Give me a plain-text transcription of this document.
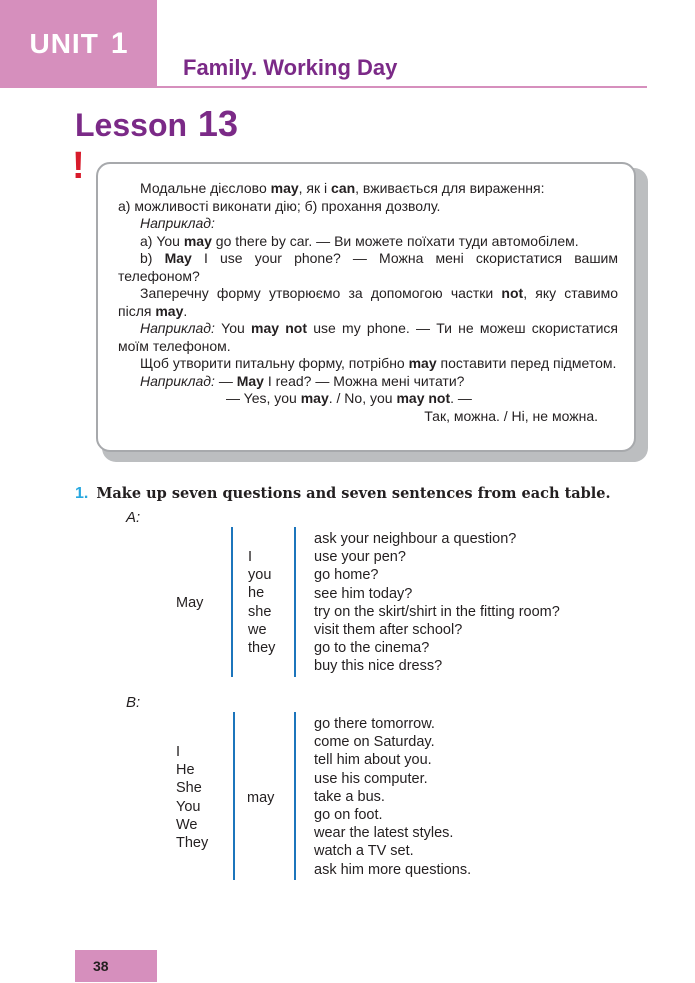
UNIT 1
Family. Working Day
Lesson 13
!

Модальне дієслово may, як і can, вживається для вираження:

а) можливості виконати дію; б) прохання дозволу.

Наприклад:

а) You may go there by car. — Ви можете поїхати туди автомобілем.

b) May I use your phone? — Можна мені скористатися вашим телефоном?

Заперечну форму утворюємо за допомогою частки not, яку ставимо після may.

Наприклад: You may not use my phone. — Ти не можеш скористатися моїм телефоном.

Щоб утворити питальну форму, потрібно may поставити перед підметом.

Наприклад: — May I read? — Можна мені читати?

— Yes, you may. / No, you may not. —

Так, можна. / Ні, не можна.

1. Make up seven questions and seven sentences from each table.
A:
May
I
you
he
she
we
they
ask your neighbour a question?
use your pen?
go home?
see him today?
try on the skirt/shirt in the fitting room?
visit them after school?
go to the cinema?
buy this nice dress?
B:
I
He
She
You
We
They
may
go there tomorrow.
come on Saturday.
tell him about you.
use his computer.
take a bus.
go on foot.
wear the latest styles.
watch a TV set.
ask him more questions.
38
